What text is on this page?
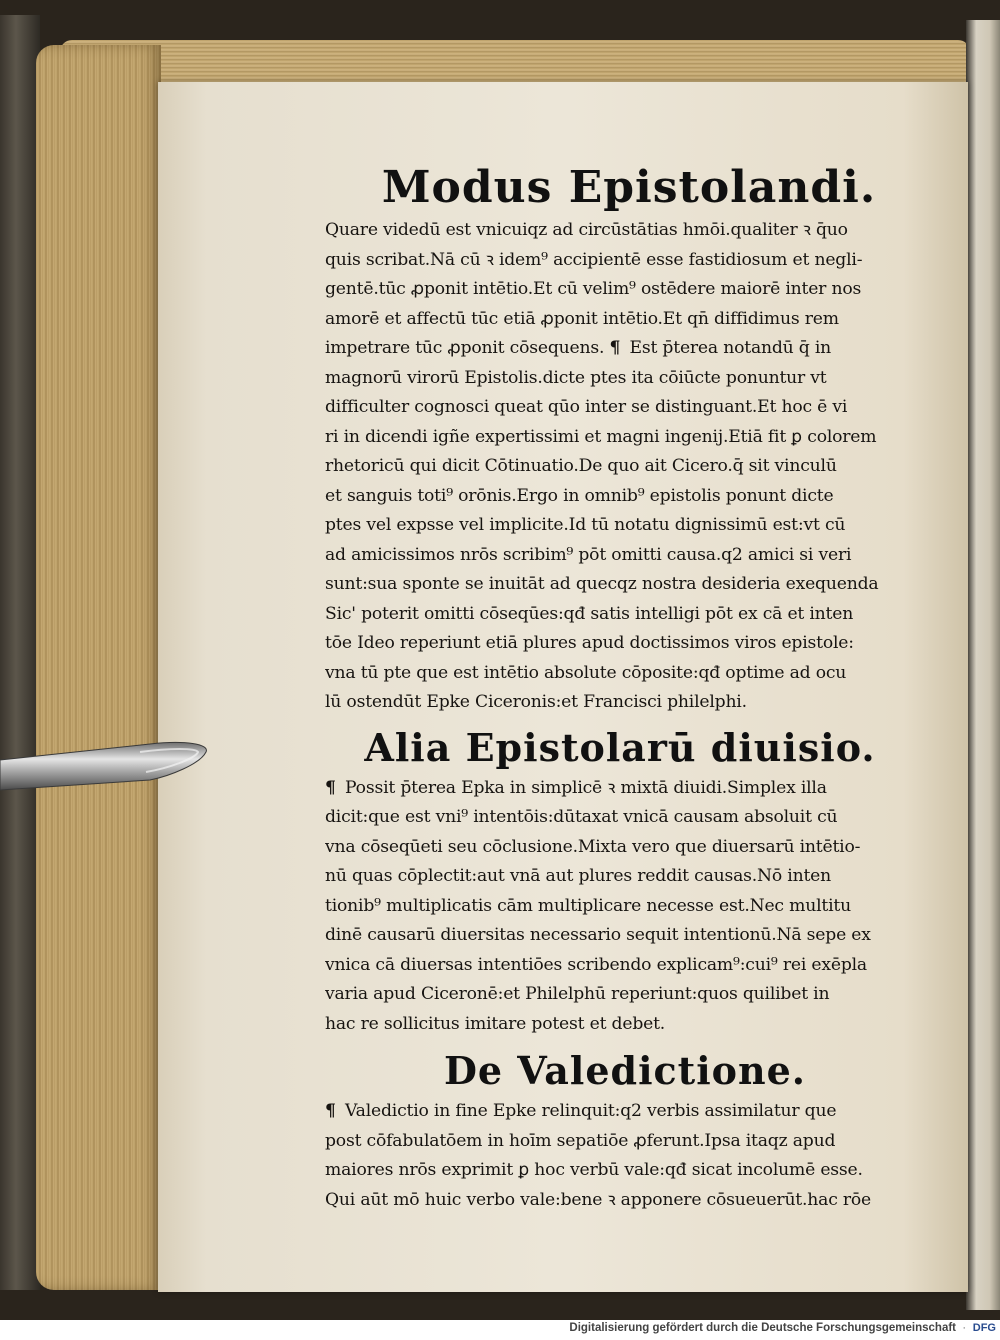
Modus Epistolandi.
Quare videdū est vnicuiqz ad circūstātias hmōi.qualiter ꝛ q̄uo
quis scribat.Nā cū ꝛ idem⁹ accipientē esse fastidiosum et negli-
gentē.tūc ꝓponit intētio.Et cū velim⁹ ostēdere maiorē inter nos
amorē et affectū tūc etiā ꝓponit intētio.Et qn̄ diffidimus rem
impetrare tūc ꝓponit cōsequens. ¶ Est p̄terea notandū q̄ in
magnorū virorū Epistolis.dicte ptes ita cōiūcte ponuntur vt
difficulter cognosci queat qūo inter se distinguant.Et hoc ē vi
ri in dicendi igñe expertissimi et magni ingenij.Etiā fit ꝑ colorem
rhetoricū qui dicit Cōtinuatio.De quo ait Cicero.q̄ sit vinculū
et sanguis toti⁹ orōnis.Ergo in omnib⁹ epistolis ponunt dicte
ptes vel expsse vel implicite.Id tū notatu dignissimū est:vt cū
ad amicissimos nrōs scribim⁹ pōt omitti causa.q2 amici si veri
sunt:sua sponte se inuitāt ad quecqz nostra desideria exequenda
Sic' poterit omitti cōseqūes:qđ satis intelligi pōt ex cā et inten
tōe Ideo reperiunt etiā plures apud doctissimos viros epistole:
vna tū pte que est intētio absolute cōposite:qđ optime ad ocu
lū ostendūt Epke Ciceronis:et Francisci philelphi.
Alia Epistolarū diuisio.
¶ Possit p̄terea Epka in simplicē ꝛ mixtā diuidi.Simplex illa
dicit:que est vni⁹ intentōis:dūtaxat vnicā causam absoluit cū
vna cōseqūeti seu cōclusione.Mixta vero que diuersarū intētio-
nū quas cōplectit:aut vnā aut plures reddit causas.Nō inten
tionib⁹ multiplicatis cām multiplicare necesse est.Nec multitu
dinē causarū diuersitas necessario sequit intentionū.Nā sepe ex
vnica cā diuersas intentiōes scribendo explicam⁹:cui⁹ rei exēpla
varia apud Ciceronē:et Philelphū reperiunt:quos quilibet in
hac re sollicitus imitare potest et debet.
De Valedictione.
¶ Valedictio in fine Epke relinquit:q2 verbis assimilatur que
post cōfabulatōem in hoīm sepatiōe ꝓferunt.Ipsa itaqz apud
maiores nrōs exprimit ꝑ hoc verbū vale:qđ sicat incolumē esse.
Qui aūt mō huic verbo vale:bene ꝛ apponere cōsueuerūt.hac rōe
Digitalisierung gefördert durch die Deutsche Forschungsgemeinschaft · DFG
